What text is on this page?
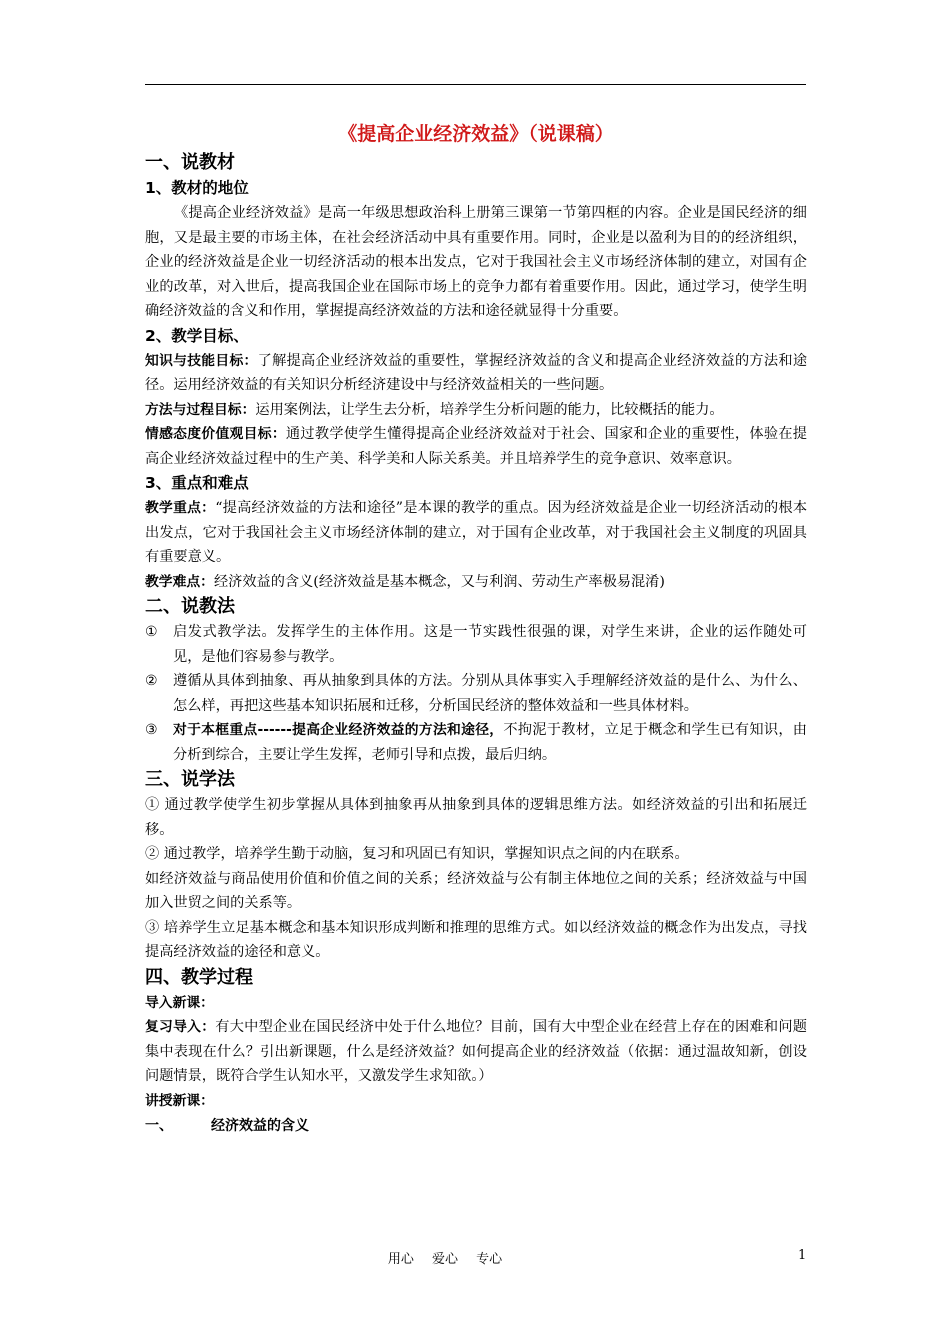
《提高企业经济效益》（说课稿）

一、说教材
1、教材的地位

《提高企业经济效益》是高一年级思想政治科上册第三课第一节第四框的内容。企业是国民经济的细胞，又是最主要的市场主体，在社会经济活动中具有重要作用。同时，企业是以盈利为目的的经济组织，企业的经济效益是企业一切经济活动的根本出发点，它对于我国社会主义市场经济体制的建立，对国有企业的改革，对入世后，提高我国企业在国际市场上的竞争力都有着重要作用。因此，通过学习，使学生明确经济效益的含义和作用，掌握提高经济效益的方法和途径就显得十分重要。

2、教学目标、

知识与技能目标：了解提高企业经济效益的重要性，掌握经济效益的含义和提高企业经济效益的方法和途径。运用经济效益的有关知识分析经济建设中与经济效益相关的一些问题。

方法与过程目标：运用案例法，让学生去分析，培养学生分析问题的能力，比较概括的能力。

情感态度价值观目标：通过教学使学生懂得提高企业经济效益对于社会、国家和企业的重要性，体验在提高企业经济效益过程中的生产美、科学美和人际关系美。并且培养学生的竞争意识、效率意识。

3、重点和难点

教学重点：“提高经济效益的方法和途径”是本课的教学的重点。因为经济效益是企业一切经济活动的根本出发点，它对于我国社会主义市场经济体制的建立，对于国有企业改革，对于我国社会主义制度的巩固具有重要意义。

教学难点：经济效益的含义(经济效益是基本概念，又与利润、劳动生产率极易混淆)

二、说教法
① 启发式教学法。发挥学生的主体作用。这是一节实践性很强的课，对学生来讲，企业的运作随处可见，是他们容易参与教学。
② 遵循从具体到抽象、再从抽象到具体的方法。分别从具体事实入手理解经济效益的是什么、为什么、怎么样，再把这些基本知识拓展和迁移，分析国民经济的整体效益和一些具体材料。
③ 对于本框重点------提高企业经济效益的方法和途径，不拘泥于教材，立足于概念和学生已有知识，由分析到综合，主要让学生发挥，老师引导和点拨，最后归纳。
三、说学法

① 通过教学使学生初步掌握从具体到抽象再从抽象到具体的逻辑思维方法。如经济效益的引出和拓展迁移。

② 通过教学，培养学生勤于动脑，复习和巩固已有知识，掌握知识点之间的内在联系。

如经济效益与商品使用价值和价值之间的关系；经济效益与公有制主体地位之间的关系；经济效益与中国加入世贸之间的关系等。

③ 培养学生立足基本概念和基本知识形成判断和推理的思维方式。如以经济效益的概念作为出发点，寻找提高经济效益的途径和意义。

四、教学过程

导入新课：

复习导入：有大中型企业在国民经济中处于什么地位？目前，国有大中型企业在经营上存在的困难和问题集中表现在什么？引出新课题，什么是经济效益？如何提高企业的经济效益（依据：通过温故知新，创设问题情景，既符合学生认知水平，又激发学生求知欲。）

讲授新课：

一、	经济效益的含义
用心 爱心 专心	1
